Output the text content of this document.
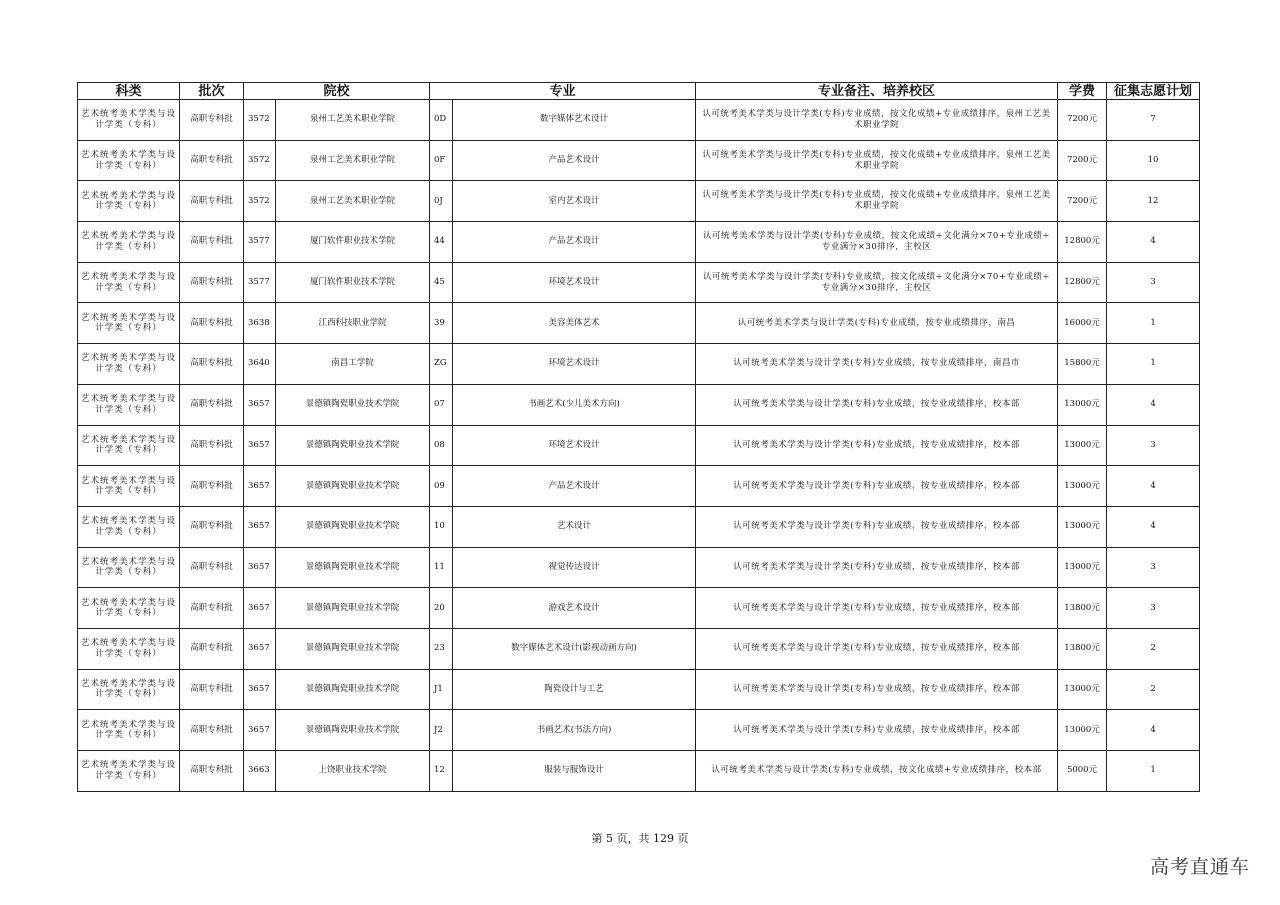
科类	批次	院校		专业		专业备注、培养校区	学费	征集志愿计划
艺术统考美术学类与设计学类（专科）	高职专科批	3572	泉州工艺美术职业学院	0D	数字媒体艺术设计	认可统考美术学类与设计学类(专科)专业成绩，按文化成绩+专业成绩排序，泉州工艺美术职业学院	7200元	7
艺术统考美术学类与设计学类（专科）	高职专科批	3572	泉州工艺美术职业学院	0F	产品艺术设计	认可统考美术学类与设计学类(专科)专业成绩，按文化成绩+专业成绩排序，泉州工艺美术职业学院	7200元	10
艺术统考美术学类与设计学类（专科）	高职专科批	3572	泉州工艺美术职业学院	0J	室内艺术设计	认可统考美术学类与设计学类(专科)专业成绩，按文化成绩+专业成绩排序，泉州工艺美术职业学院	7200元	12
艺术统考美术学类与设计学类（专科）	高职专科批	3577	厦门软件职业技术学院	44	产品艺术设计	认可统考美术学类与设计学类(专科)专业成绩，按文化成绩÷文化满分×70+专业成绩÷专业满分×30排序，主校区	12800元	4
艺术统考美术学类与设计学类（专科）	高职专科批	3577	厦门软件职业技术学院	45	环境艺术设计	认可统考美术学类与设计学类(专科)专业成绩，按文化成绩÷文化满分×70+专业成绩÷专业满分×30排序，主校区	12800元	3
艺术统考美术学类与设计学类（专科）	高职专科批	3638	江西科技职业学院	39	美容美体艺术	认可统考美术学类与设计学类(专科)专业成绩，按专业成绩排序，南昌	16000元	1
艺术统考美术学类与设计学类（专科）	高职专科批	3640	南昌工学院	ZG	环境艺术设计	认可统考美术学类与设计学类(专科)专业成绩，按专业成绩排序，南昌市	15800元	1
艺术统考美术学类与设计学类（专科）	高职专科批	3657	景德镇陶瓷职业技术学院	07	书画艺术(少儿美术方向)	认可统考美术学类与设计学类(专科)专业成绩，按专业成绩排序，校本部	13000元	4
艺术统考美术学类与设计学类（专科）	高职专科批	3657	景德镇陶瓷职业技术学院	08	环境艺术设计	认可统考美术学类与设计学类(专科)专业成绩，按专业成绩排序，校本部	13000元	3
艺术统考美术学类与设计学类（专科）	高职专科批	3657	景德镇陶瓷职业技术学院	09	产品艺术设计	认可统考美术学类与设计学类(专科)专业成绩，按专业成绩排序，校本部	13000元	4
艺术统考美术学类与设计学类（专科）	高职专科批	3657	景德镇陶瓷职业技术学院	10	艺术设计	认可统考美术学类与设计学类(专科)专业成绩，按专业成绩排序，校本部	13000元	4
艺术统考美术学类与设计学类（专科）	高职专科批	3657	景德镇陶瓷职业技术学院	11	视觉传达设计	认可统考美术学类与设计学类(专科)专业成绩，按专业成绩排序，校本部	13000元	3
艺术统考美术学类与设计学类（专科）	高职专科批	3657	景德镇陶瓷职业技术学院	20	游戏艺术设计	认可统考美术学类与设计学类(专科)专业成绩，按专业成绩排序，校本部	13800元	3
艺术统考美术学类与设计学类（专科）	高职专科批	3657	景德镇陶瓷职业技术学院	23	数字媒体艺术设计(影视动画方向)	认可统考美术学类与设计学类(专科)专业成绩，按专业成绩排序，校本部	13800元	2
艺术统考美术学类与设计学类（专科）	高职专科批	3657	景德镇陶瓷职业技术学院	J1	陶瓷设计与工艺	认可统考美术学类与设计学类(专科)专业成绩，按专业成绩排序，校本部	13000元	2
艺术统考美术学类与设计学类（专科）	高职专科批	3657	景德镇陶瓷职业技术学院	J2	书画艺术(书法方向)	认可统考美术学类与设计学类(专科)专业成绩，按专业成绩排序，校本部	13000元	4
艺术统考美术学类与设计学类（专科）	高职专科批	3663	上饶职业技术学院	12	服装与服饰设计	认可统考美术学类与设计学类(专科)专业成绩，按文化成绩+专业成绩排序，校本部	5000元	1
第 5 页，共 129 页
高考直通车
